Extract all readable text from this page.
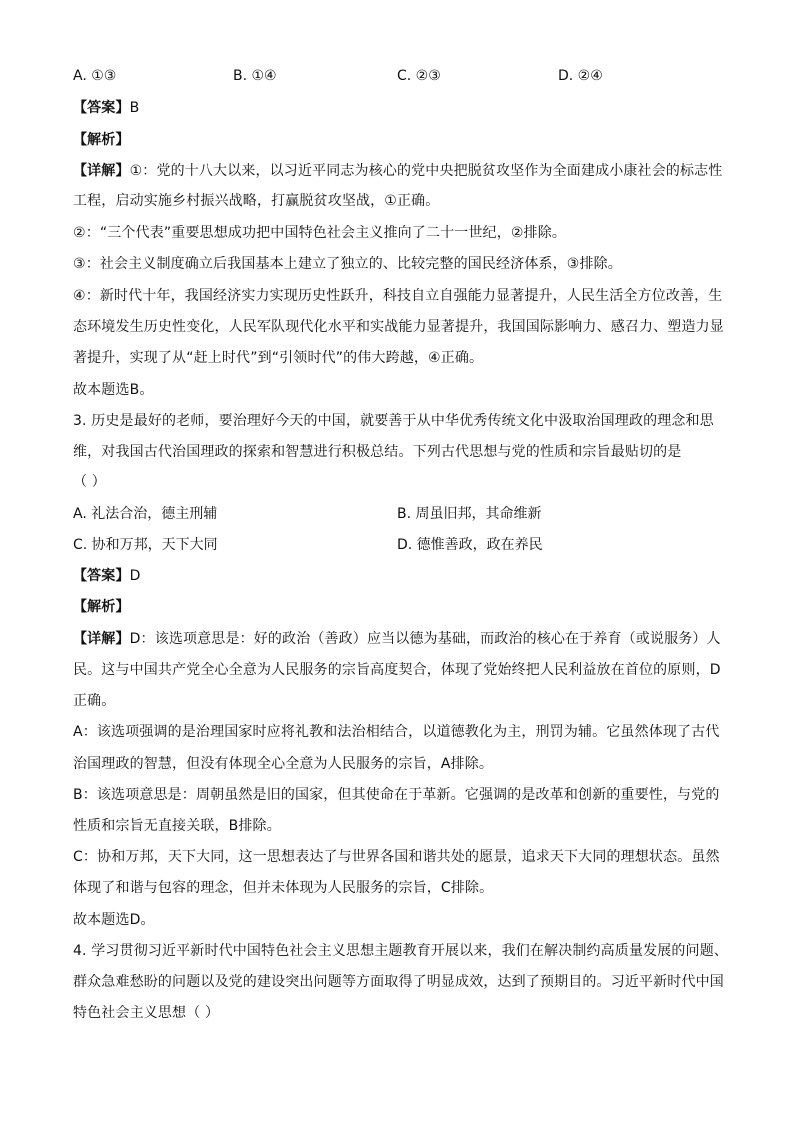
A. ①③	B. ①④	C. ②③	D. ②④
【答案】B
【解析】
【详解】①：党的十八大以来，以习近平同志为核心的党中央把脱贫攻坚作为全面建成小康社会的标志性
工程，启动实施乡村振兴战略，打赢脱贫攻坚战，①正确。
②：“三个代表”重要思想成功把中国特色社会主义推向了二十一世纪，②排除。
③：社会主义制度确立后我国基本上建立了独立的、比较完整的国民经济体系，③排除。
④：新时代十年，我国经济实力实现历史性跃升，科技自立自强能力显著提升，人民生活全方位改善，生
态环境发生历史性变化，人民军队现代化水平和实战能力显著提升，我国国际影响力、感召力、塑造力显
著提升，实现了从“赶上时代”到“引领时代”的伟大跨越，④正确。
故本题选B。
3. 历史是最好的老师，要治理好今天的中国，就要善于从中华优秀传统文化中汲取治国理政的理念和思
维，对我国古代治国理政的探索和智慧进行积极总结。下列古代思想与党的性质和宗旨最贴切的是
（ ）
A. 礼法合治，德主刑辅	B. 周虽旧邦，其命维新
C. 协和万邦，天下大同	D. 德惟善政，政在养民
【答案】D
【解析】
【详解】D：该选项意思是：好的政治（善政）应当以德为基础，而政治的核心在于养育（或说服务）人
民。这与中国共产党全心全意为人民服务的宗旨高度契合，体现了党始终把人民利益放在首位的原则，D
正确。
A：该选项强调的是治理国家时应将礼教和法治相结合，以道德教化为主，刑罚为辅。它虽然体现了古代
治国理政的智慧，但没有体现全心全意为人民服务的宗旨，A排除。
B：该选项意思是：周朝虽然是旧的国家，但其使命在于革新。它强调的是改革和创新的重要性，与党的
性质和宗旨无直接关联，B排除。
C：协和万邦，天下大同，这一思想表达了与世界各国和谐共处的愿景，追求天下大同的理想状态。虽然
体现了和谐与包容的理念，但并未体现为人民服务的宗旨，C排除。
故本题选D。
4. 学习贯彻习近平新时代中国特色社会主义思想主题教育开展以来，我们在解决制约高质量发展的问题、
群众急难愁盼的问题以及党的建设突出问题等方面取得了明显成效，达到了预期目的。习近平新时代中国
特色社会主义思想（ ）
